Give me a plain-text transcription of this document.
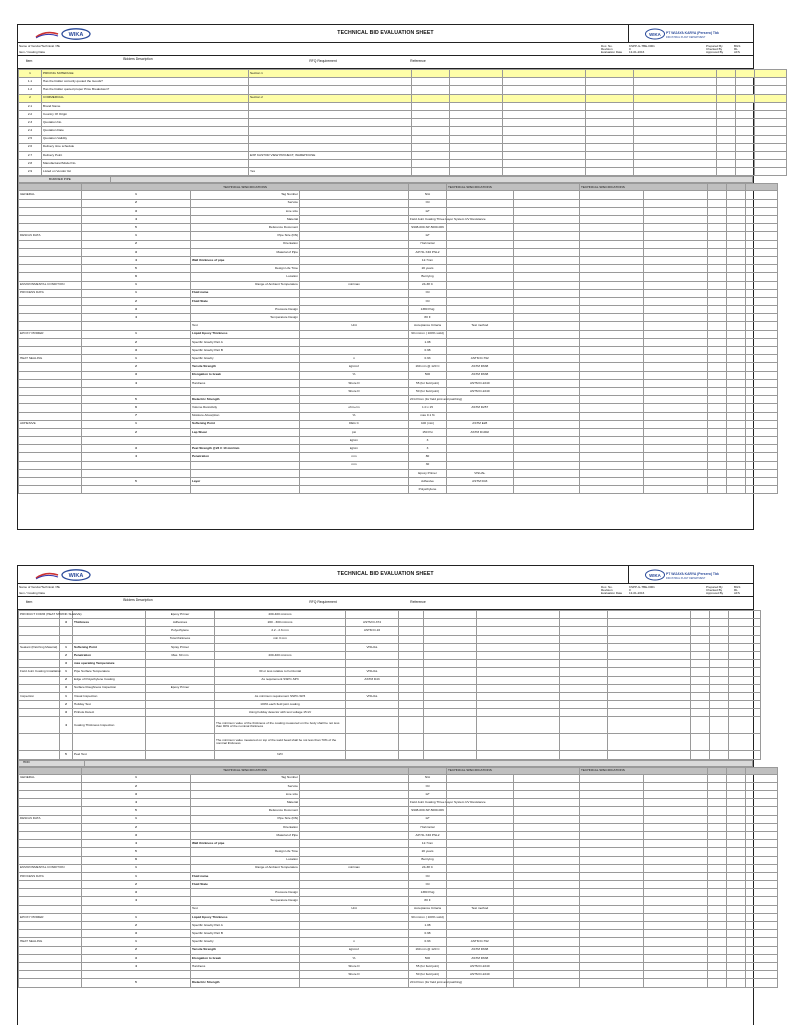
WIKA	TECHNICAL BID EVALUATION SHEET	WIKA PT WIJAYA KARYA (Persero) Tbk
INDUSTRIAL PLANT DEPARTMENT
Name of Vendor/Technical / Bk
Item / Coating Data
Doc. No.
Revision
Evaluation Date
KSPP-G-TBE-0001
0
13-01-2016
Prepared By
Checked By
Approved By
BGS
RL
AFS
Item	Bidders Description	RFQ Requirement	Reference
1	PRICING SCHEDULE	Section 1								
1.1	Has the bidder correctly quoted the Goods?									
1.2	Has the bidder quoted proper Price Breakdown?									
2	COMMERCIAL	Section 2								
2.1	Brand Name									
2.2	Country Of Origin									
2.3	Quotation No.									
2.4	Quotation Date									
2.5	Quotation Validity									
2.6	Delivery time schedule									
2.7	Delivery Point	EXP KASTOR VIEW PROJECT, WAREHOUSE								
2.8	Manufacturer/Model No.									
2.9	Listed on Vendor list	Yes								
BURRIED PIPE	
	TECHNICAL SPECIFICATIONS				TECHNICAL SPECIFICATIONS		TECHNICAL SPECIFICATIONS					
GENERAL	1	Tag Number		N/A									
	2	Service		Oil									
	3	Line size		12"									
	4	Material		Field Joint Coating Three Layer System UV Resistance									
	5	Reference Document		S908-000-SP-5000-006									
DESIGN DATA	1	Pipe Size (DN)		12"									
	2	Orientation		Horizontal									
	3	Material of Pipe		API 5L X46 PSL2									
	4	Wall thickness of pipe		12.7mm									
	5	Design Life Time		20 years									
	6	Location		Burriying									
ENVIRONMENTAL CONDITION	1	Range of Ambient Temperature	min/max	24-38 C									
PROCESS DATA	1	Fluid name		Oil									
	2	Fluid State		Oil									
	3	Pressure Design		1380 Psig									
	4	Temperature Design		80 F									
		Test	Unit	Acceptance Criteria	Test method								
EPOXY PRIMER	1	Liquid Epoxy Thickness		90 micron ( 100% solid)									
	2	Specific Gravity Part A		1.08									
	3	Specific Gravity Part B		0.98									
HEAT SEALING	1	Specific Gravity	n	0.93	ASTM D-792								
	2	Tensile Strength	kg/cm2	160 min @ 120 C	ASTM D638								
	3	Elongation to break	%	500	ASTM D638								
	4	Hardness	Shore D	55 (for field joint)	ASTM D-2240								
			Shore D	50 (for field joint)	ASTM D-2240								
	5	Dielectric Strength		20 kV/mm (for field joint and patching)									
	6	Volume Resistivity	ohm-cm	1.0 x 15	ASTM D257								
	7	Moisture Absorption	%	max 0.1 %									
ADHESIVE	1	Softening Point	DEG C	100 (min)	ASTM E28								
	2	Lap Shear	psi	150 Psi	ASTM D1002								
			kg/cm	3									
	3	Peel Strength @23 C 10 mm/mm	kg/cm	3									
	4	Penetration	mm	80									
			mm	30									
				Epoxy Primer	VISUAL								
	5	Layer		Adhesive	ASTM D43								
				Polyethylene									
WIKA	TECHNICAL BID EVALUATION SHEET	WIKA PT WIJAYA KARYA (Persero) Tbk
INDUSTRIAL PLANT DEPARTMENT
Name of Vendor/Technical / Bk
Item / Coating Data
Doc. No.
Revision
Evaluation Date
KSPP-G-TBE-0001
0
13-01-2016
Prepared By
Checked By
Approved By
BGS
RL
AFS
Item	Bidders Description	RFQ Requirement	Reference
PRODUCT FORM (HEAT SHRINK SLEEVE)			Epoxy Primer	200-400 microns									
	3	Thickness	Adhesives	200 - 300 microns	ASTM D-374								
			Polyethylene	2.2 - 2.6 mm	ASTM D-16								
			Total thickness	min 3 mm									
Sealant (Patching Material)	1	Softening Point	Spray Primer		VISUAL								
	2	Penetration	Max. 60 mm	200-400 microns									
	3	max operating Temperature											
Field Joint Coating Installation	1	Pipe Surface Temperature		30 or less relative to horizontal	VISUAL								
	2	Edge of Polyethylene Coating		As requirement SSPC-SP3	ASTM D43								
	3	Surface Roughness Inspection	Epoxy Primer										
Inspection	1	Visual Inspection		As minimum requirement SSPC-SP3	VISUAL								
	2	Holiday Test		100% each field joint coating									
	3	Pinhole Detect		Using holiday detector with test voltage 15 kV									
	4	Coating Thickness Inspection		The minimum value of the thickness of the coating measured on the body shall be not less than 90% of the nominal thickness									
				The minimum value measured on top of the weld bead shall be not less than 70% of the nominal thickness									
	5	Peel Test		N/O									
HDD	
	TECHNICAL SPECIFICATIONS				TECHNICAL SPECIFICATIONS		TECHNICAL SPECIFICATIONS					
GENERAL	1	Tag Number		N/A									
	2	Service		Oil									
	3	Line size		12"									
	4	Material		Field Joint Coating Three Layer System UV Resistance									
	5	Reference Document		S908-000-SP-5000-006									
DESIGN DATA	1	Pipe Size (DN)		12"									
	2	Orientation		Horizontal									
	3	Material of Pipe		API 5L X46 PSL2									
	4	Wall thickness of pipe		12.7mm									
	5	Design Life Time		20 years									
	6	Location		Burriying									
ENVIRONMENTAL CONDITION	1	Range of Ambient Temperature	min/max	24-38 C									
PROCESS DATA	1	Fluid name		Oil									
	2	Fluid State		Oil									
	3	Pressure Design		1380 Psig									
	4	Temperature Design		80 F									
		Test	Unit	Acceptance Criteria	Test method								
EPOXY PRIMER	1	Liquid Epoxy Thickness		90 micron ( 100% solid)									
	2	Specific Gravity Part A		1.08									
	3	Specific Gravity Part B		0.98									
HEAT SEALING	1	Specific Gravity	n	0.93	ASTM D-792								
	2	Tensile Strength	kg/cm2	160 min @ 120 C	ASTM D638								
	3	Elongation to break	%	500	ASTM D638								
	4	Hardness	Shore D	55 (for field joint)	ASTM D-2240								
			Shore D	50 (for field joint)	ASTM D-2240								
	5	Dielectric Strength		20 kV/mm (for field joint and patching)									
